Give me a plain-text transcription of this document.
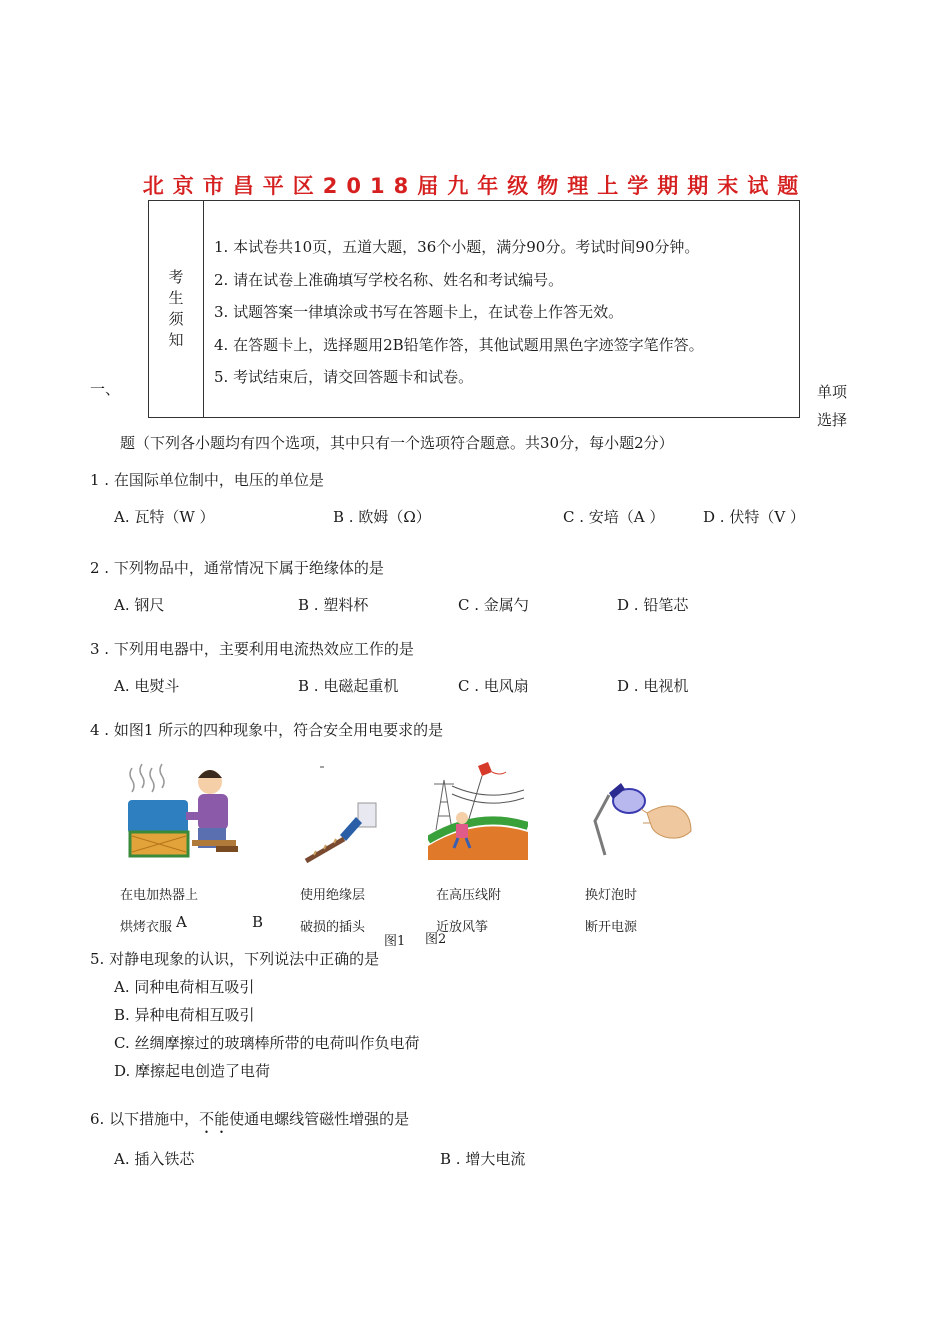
北京市昌平区2018届九年级物理上学期期末试题
考
生
须
知
1. 本试卷共10页，五道大题，36个小题，满分90分。考试时间90分钟。
2. 请在试卷上准确填写学校名称、姓名和考试编号。
3. 试题答案一律填涂或书写在答题卡上，在试卷上作答无效。
4. 在答题卡上，选择题用2B铅笔作答，其他试题用黑色字迹签字笔作答。
5. 考试结束后，请交回答题卡和试卷。
一、	单项
选择
题（下列各小题均有四个选项，其中只有一个选项符合题意。共30分，每小题2分）
1 . 在国际单位制中，电压的单位是
A. 瓦特（W ）	B . 欧姆（Ω）	C . 安培（A ）	D . 伏特（V ）
2 . 下列物品中，通常情况下属于绝缘体的是
A. 钢尺	B . 塑料杯	C . 金属勺	D . 铅笔芯
3 . 下列用电器中，主要利用电流热效应工作的是
A. 电熨斗	B . 电磁起重机	C . 电风扇	D . 电视机
4 . 如图1 所示的四种现象中，符合安全用电要求的是
在电加热器上
烘烤衣服
使用绝缘层
破损的插头
在高压线附
近放风筝
换灯泡时
断开电源
A	B
图1 图2
5. 对静电现象的认识，下列说法中正确的是
A. 同种电荷相互吸引
B. 异种电荷相互吸引
C. 丝绸摩擦过的玻璃棒所带的电荷叫作负电荷
D. 摩擦起电创造了电荷
6. 以下措施中，不能使通电螺线管磁性增强的是
A. 插入铁芯	B . 增大电流
